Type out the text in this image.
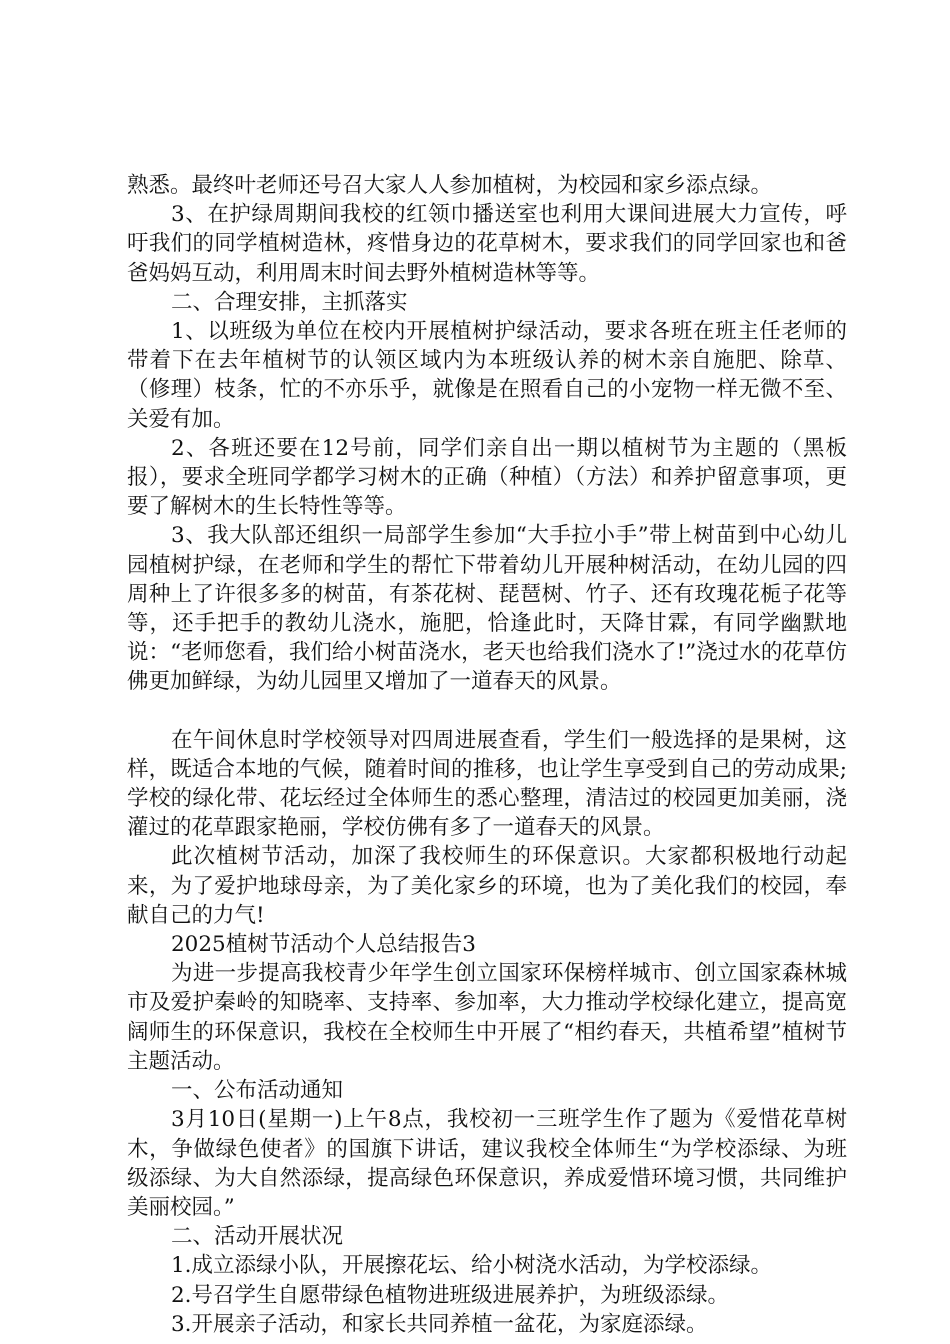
熟悉。最终叶老师还号召大家人人参加植树，为校园和家乡添点绿。

3、在护绿周期间我校的红领巾播送室也利用大课间进展大力宣传，呼吁我们的同学植树造林，疼惜身边的花草树木，要求我们的同学回家也和爸爸妈妈互动，利用周末时间去野外植树造林等等。

二、合理安排，主抓落实

1、以班级为单位在校内开展植树护绿活动，要求各班在班主任老师的带着下在去年植树节的认领区域内为本班级认养的树木亲自施肥、除草、（修理）枝条，忙的不亦乐乎，就像是在照看自己的小宠物一样无微不至、关爱有加。

2、各班还要在12号前，同学们亲自出一期以植树节为主题的（黑板报），要求全班同学都学习树木的正确（种植）（方法）和养护留意事项，更要了解树木的生长特性等等。

3、我大队部还组织一局部学生参加“大手拉小手”带上树苗到中心幼儿园植树护绿，在老师和学生的帮忙下带着幼儿开展种树活动，在幼儿园的四周种上了许很多多的树苗，有茶花树、琵琶树、竹子、还有玫瑰花栀子花等等，还手把手的教幼儿浇水，施肥，恰逢此时，天降甘霖，有同学幽默地说：“老师您看，我们给小树苗浇水，老天也给我们浇水了!”浇过水的花草仿佛更加鲜绿，为幼儿园里又增加了一道春天的风景。

在午间休息时学校领导对四周进展查看，学生们一般选择的是果树，这样，既适合本地的气候，随着时间的推移，也让学生享受到自己的劳动成果;学校的绿化带、花坛经过全体师生的悉心整理，清洁过的校园更加美丽，浇灌过的花草跟家艳丽，学校仿佛有多了一道春天的风景。

此次植树节活动，加深了我校师生的环保意识。大家都积极地行动起来，为了爱护地球母亲，为了美化家乡的环境，也为了美化我们的校园，奉献自己的力气!

2025植树节活动个人总结报告3

为进一步提高我校青少年学生创立国家环保榜样城市、创立国家森林城市及爱护秦岭的知晓率、支持率、参加率，大力推动学校绿化建立，提高宽阔师生的环保意识，我校在全校师生中开展了“相约春天，共植希望”植树节主题活动。

一、公布活动通知

3月10日(星期一)上午8点，我校初一三班学生作了题为《爱惜花草树木，争做绿色使者》的国旗下讲话，建议我校全体师生“为学校添绿、为班级添绿、为大自然添绿，提高绿色环保意识，养成爱惜环境习惯，共同维护美丽校园。”

二、活动开展状况

1.成立添绿小队，开展擦花坛、给小树浇水活动，为学校添绿。

2.号召学生自愿带绿色植物进班级进展养护，为班级添绿。

3.开展亲子活动，和家长共同养植一盆花，为家庭添绿。
